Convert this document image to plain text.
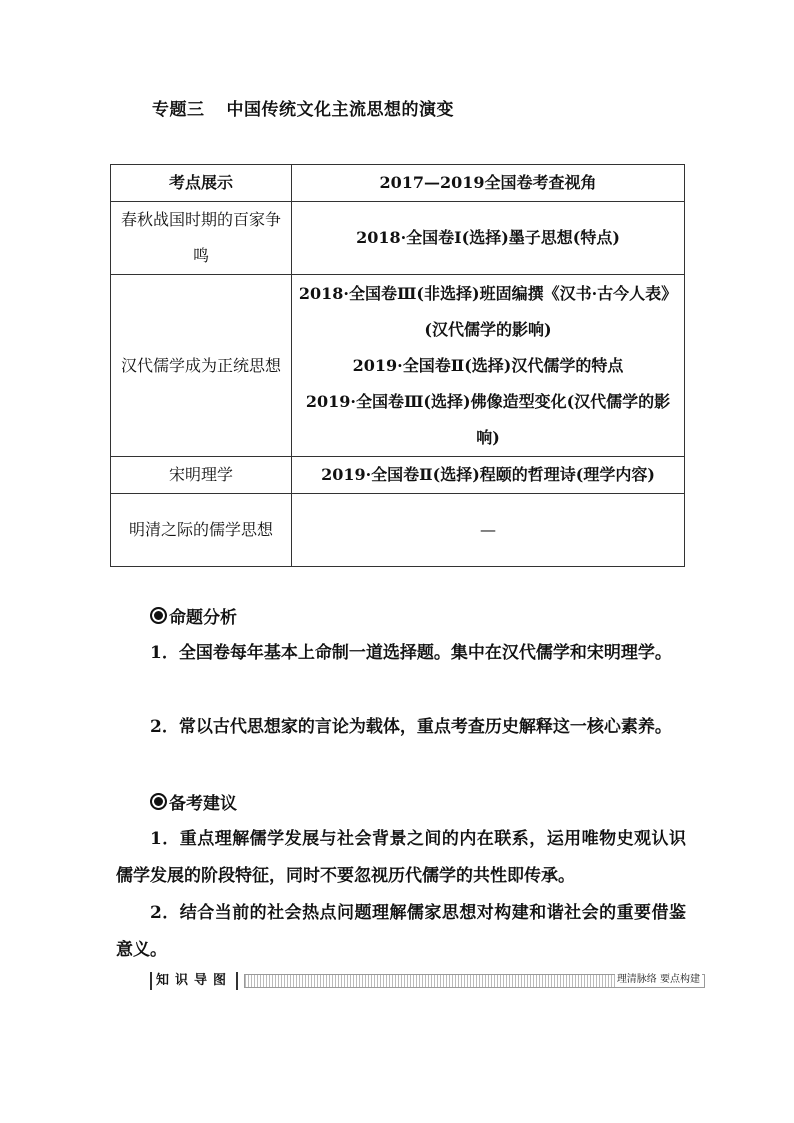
专题三 中国传统文化主流思想的演变
考点展示	2017—2019全国卷考查视角
春秋战国时期的百家争鸣	2018·全国卷Ⅰ(选择)墨子思想(特点)
汉代儒学成为正统思想	2018·全国卷Ⅲ(非选择)班固编撰《汉书·古今人表》(汉代儒学的影响)
2019·全国卷Ⅱ(选择)汉代儒学的特点
2019·全国卷Ⅲ(选择)佛像造型变化(汉代儒学的影响)

宋明理学	2019·全国卷Ⅱ(选择)程颐的哲理诗(理学内容)
明清之际的儒学思想	—
命题分析
1．全国卷每年基本上命制一道选择题。集中在汉代儒学和宋明理学。
2．常以古代思想家的言论为载体，重点考查历史解释这一核心素养。
备考建议
1．重点理解儒学发展与社会背景之间的内在联系，运用唯物史观认识儒学发展的阶段特征，同时不要忽视历代儒学的共性即传承。
2．结合当前的社会热点问题理解儒家思想对构建和谐社会的重要借鉴意义。
知识导图	理清脉络 要点构建
